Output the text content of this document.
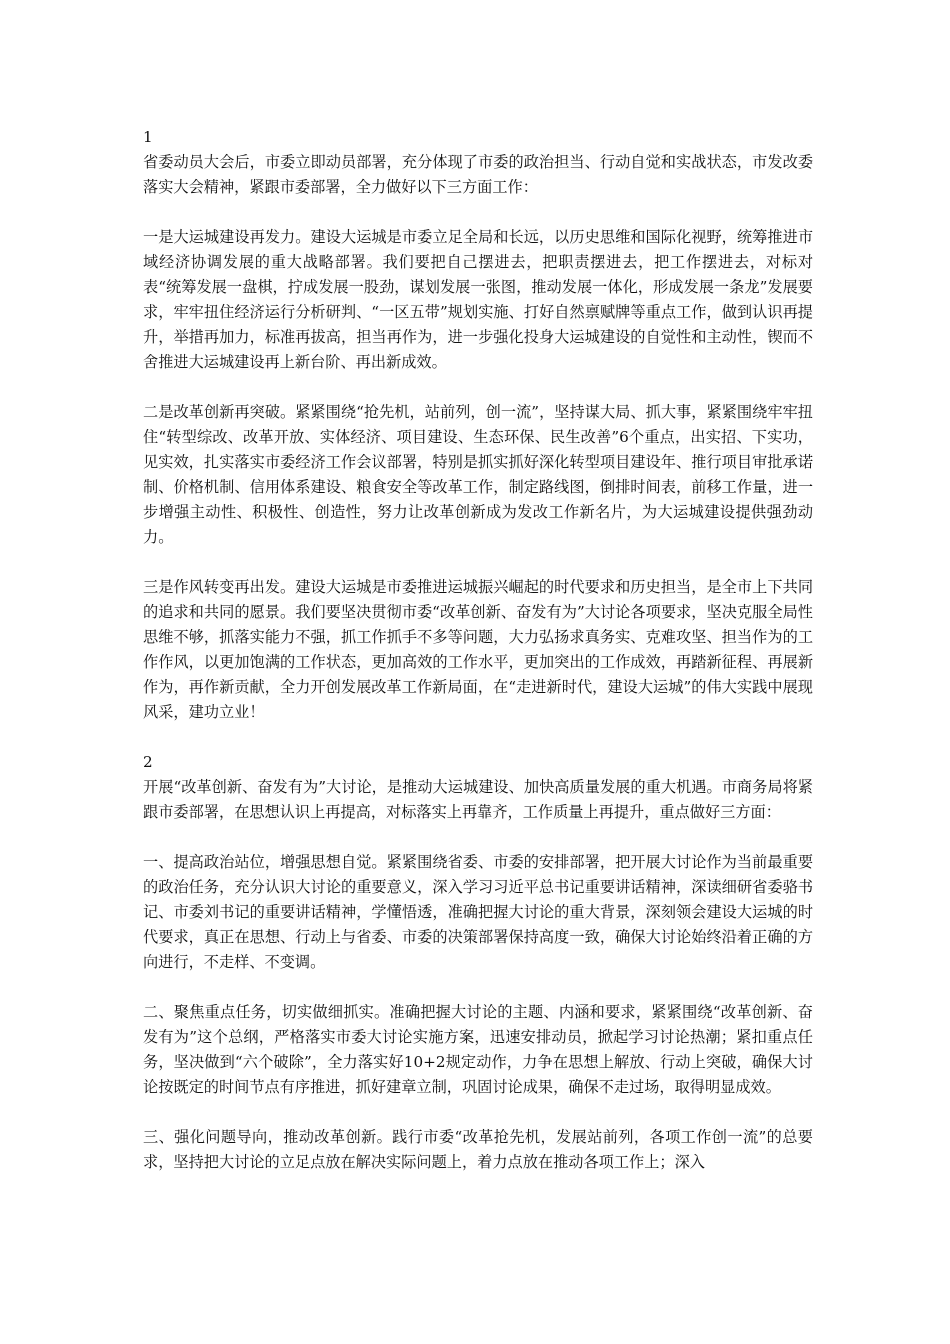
1

省委动员大会后，市委立即动员部署，充分体现了市委的政治担当、行动自觉和实战状态，市发改委落实大会精神，紧跟市委部署，全力做好以下三方面工作：

一是大运城建设再发力。建设大运城是市委立足全局和长远，以历史思维和国际化视野，统筹推进市域经济协调发展的重大战略部署。我们要把自己摆进去，把职责摆进去，把工作摆进去，对标对表“统筹发展一盘棋，拧成发展一股劲，谋划发展一张图，推动发展一体化，形成发展一条龙”发展要求，牢牢扭住经济运行分析研判、“一区五带”规划实施、打好自然禀赋牌等重点工作，做到认识再提升，举措再加力，标准再拔高，担当再作为，进一步强化投身大运城建设的自觉性和主动性，锲而不舍推进大运城建设再上新台阶、再出新成效。

二是改革创新再突破。紧紧围绕“抢先机，站前列，创一流”，坚持谋大局、抓大事，紧紧围绕牢牢扭住“转型综改、改革开放、实体经济、项目建设、生态环保、民生改善”6个重点，出实招、下实功，见实效，扎实落实市委经济工作会议部署，特别是抓实抓好深化转型项目建设年、推行项目审批承诺制、价格机制、信用体系建设、粮食安全等改革工作，制定路线图，倒排时间表，前移工作量，进一步增强主动性、积极性、创造性，努力让改革创新成为发改工作新名片，为大运城建设提供强劲动力。

三是作风转变再出发。建设大运城是市委推进运城振兴崛起的时代要求和历史担当，是全市上下共同的追求和共同的愿景。我们要坚决贯彻市委“改革创新、奋发有为”大讨论各项要求，坚决克服全局性思维不够，抓落实能力不强，抓工作抓手不多等问题，大力弘扬求真务实、克难攻坚、担当作为的工作作风，以更加饱满的工作状态，更加高效的工作水平，更加突出的工作成效，再踏新征程、再展新作为，再作新贡献，全力开创发展改革工作新局面，在“走进新时代，建设大运城”的伟大实践中展现风采，建功立业！

2

开展“改革创新、奋发有为”大讨论，是推动大运城建设、加快高质量发展的重大机遇。市商务局将紧跟市委部署，在思想认识上再提高，对标落实上再靠齐，工作质量上再提升，重点做好三方面：

一、提高政治站位，增强思想自觉。紧紧围绕省委、市委的安排部署，把开展大讨论作为当前最重要的政治任务，充分认识大讨论的重要意义，深入学习习近平总书记重要讲话精神，深读细研省委骆书记、市委刘书记的重要讲话精神，学懂悟透，准确把握大讨论的重大背景，深刻领会建设大运城的时代要求，真正在思想、行动上与省委、市委的决策部署保持高度一致，确保大讨论始终沿着正确的方向进行，不走样、不变调。

二、聚焦重点任务，切实做细抓实。准确把握大讨论的主题、内涵和要求，紧紧围绕“改革创新、奋发有为”这个总纲，严格落实市委大讨论实施方案，迅速安排动员，掀起学习讨论热潮；紧扣重点任务，坚决做到“六个破除”，全力落实好10+2规定动作，力争在思想上解放、行动上突破，确保大讨论按既定的时间节点有序推进，抓好建章立制，巩固讨论成果，确保不走过场，取得明显成效。

三、强化问题导向，推动改革创新。践行市委“改革抢先机，发展站前列，各项工作创一流”的总要求，坚持把大讨论的立足点放在解决实际问题上，着力点放在推动各项工作上；深入
